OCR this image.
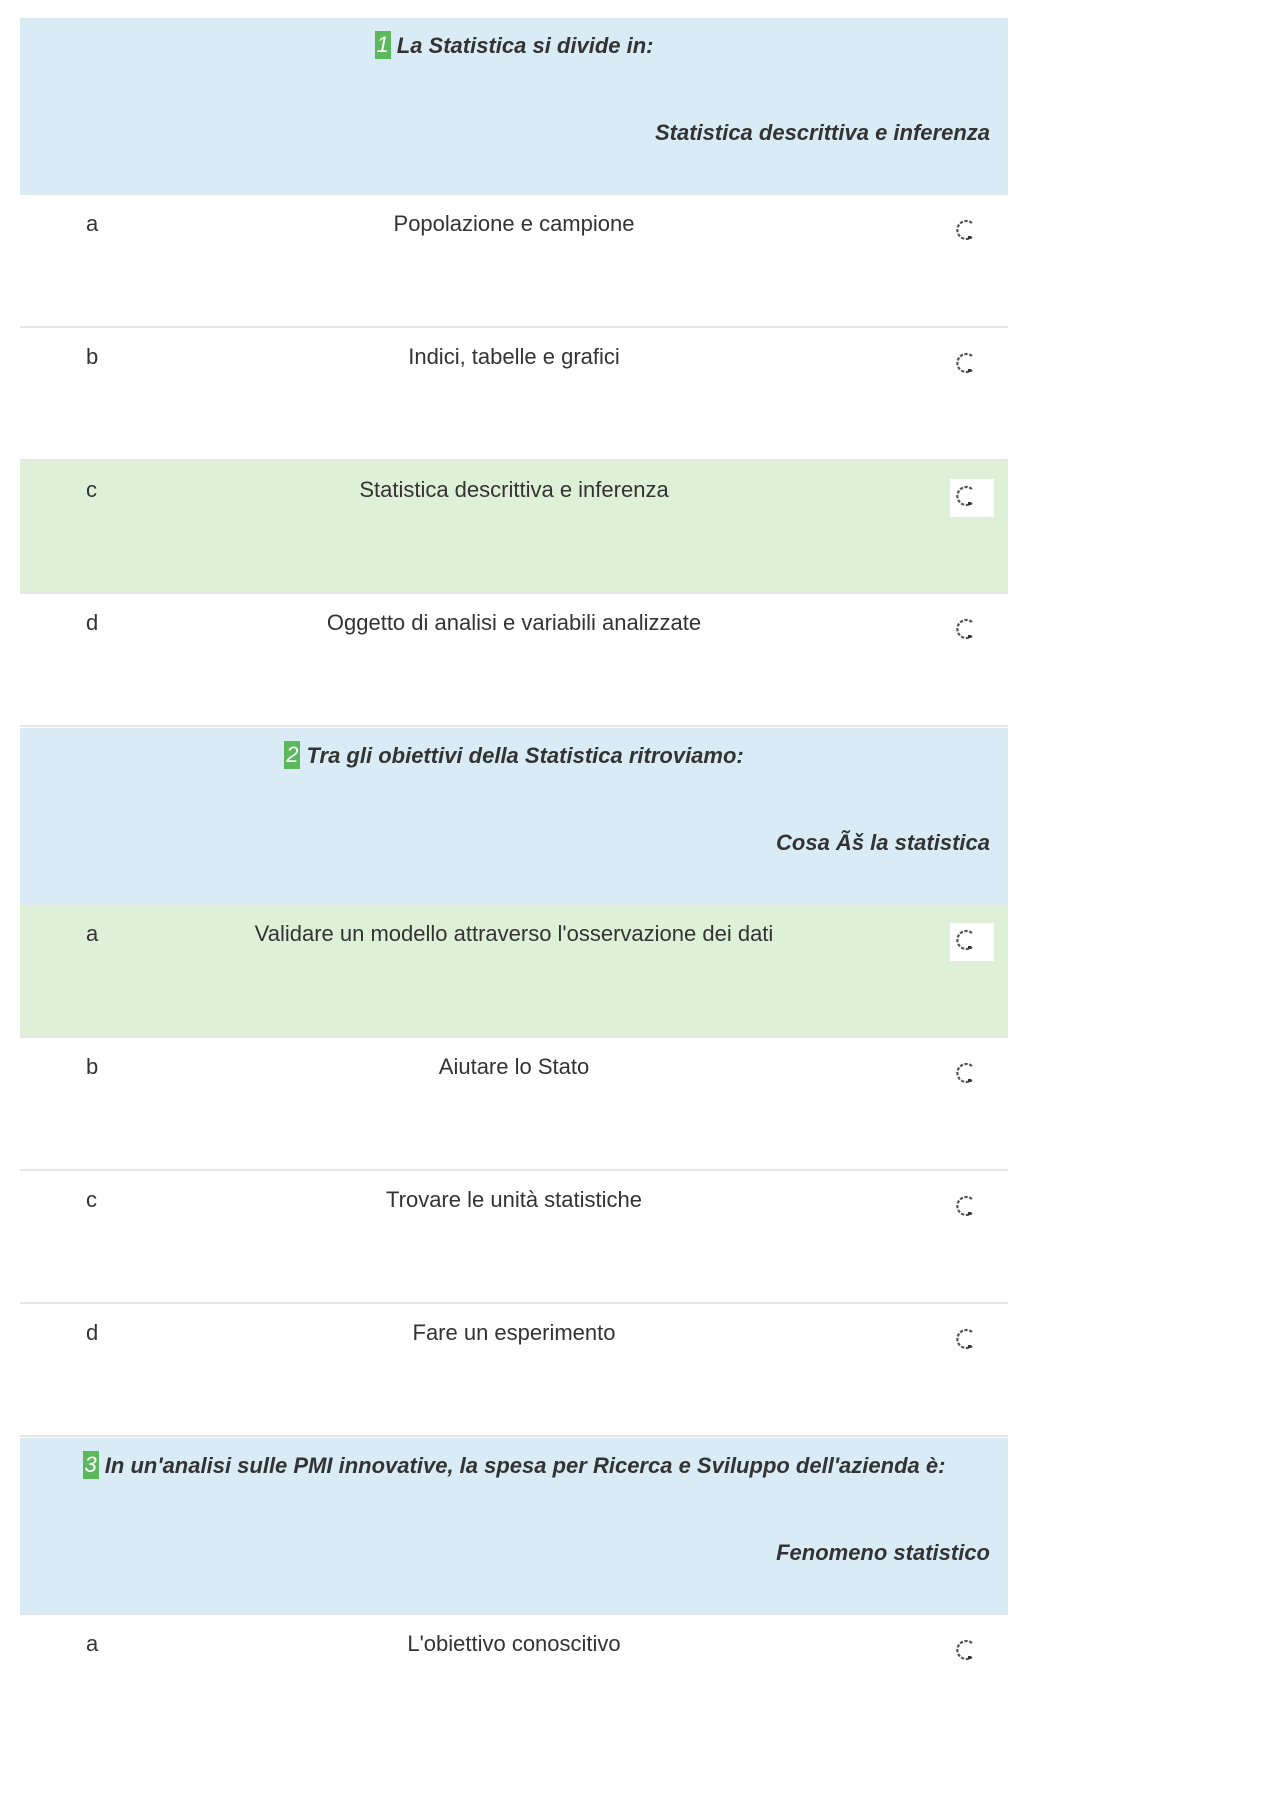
1 La Statistica si divide in:
Statistica descrittiva e inferenza
a	Popolazione e campione
b	Indici, tabelle e grafici
c	Statistica descrittiva e inferenza
d	Oggetto di analisi e variabili analizzate
2 Tra gli obiettivi della Statistica ritroviamo:
Cosa Ãš la statistica
a	Validare un modello attraverso l'osservazione dei dati
b	Aiutare lo Stato
c	Trovare le unità statistiche
d	Fare un esperimento
3 In un'analisi sulle PMI innovative, la spesa per Ricerca e Sviluppo dell'azienda è:
Fenomeno statistico
a	L'obiettivo conoscitivo
